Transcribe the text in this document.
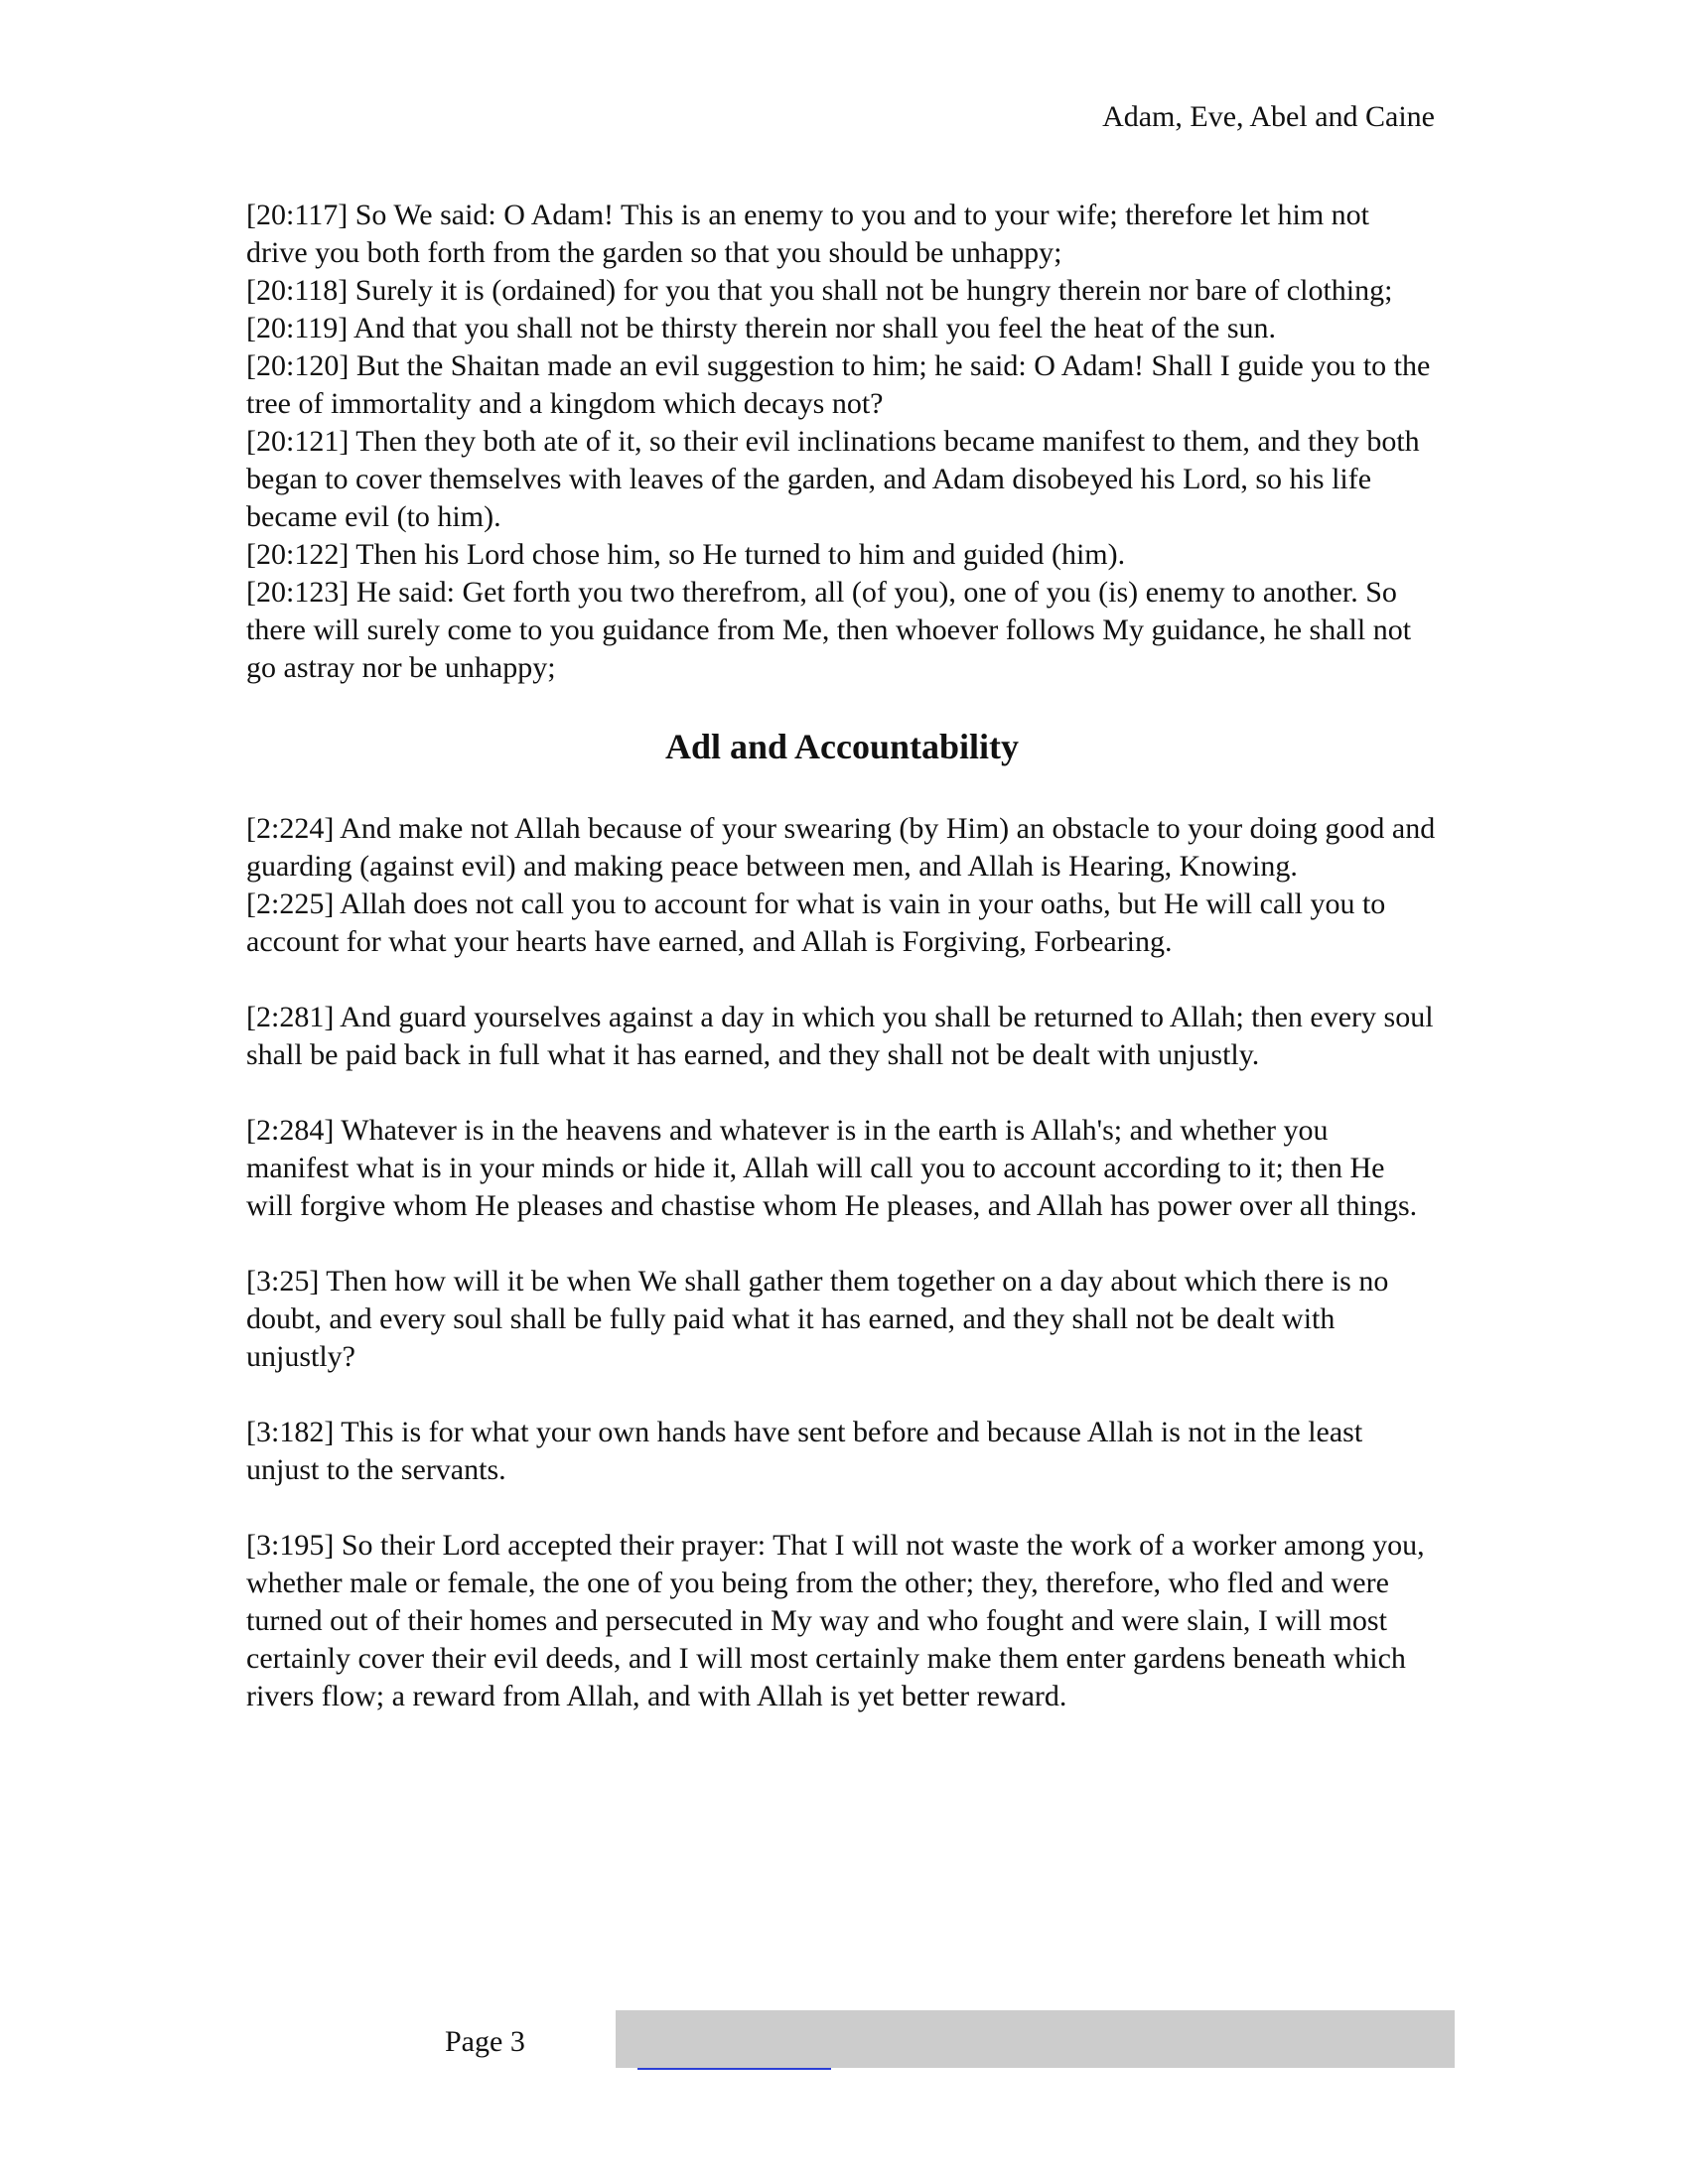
Adam, Eve, Abel and Caine

[20:117] So We said: O Adam! This is an enemy to you and to your wife; therefore let him not drive you both forth from the garden so that you should be unhappy;

[20:118] Surely it is (ordained) for you that you shall not be hungry therein nor bare of clothing;

[20:119] And that you shall not be thirsty therein nor shall you feel the heat of the sun.

[20:120] But the Shaitan made an evil suggestion to him; he said: O Adam! Shall I guide you to the tree of immortality and a kingdom which decays not?

[20:121] Then they both ate of it, so their evil inclinations became manifest to them, and they both began to cover themselves with leaves of the garden, and Adam disobeyed his Lord, so his life became evil (to him).

[20:122] Then his Lord chose him, so He turned to him and guided (him).

[20:123] He said: Get forth you two therefrom, all (of you), one of you (is) enemy to another. So there will surely come to you guidance from Me, then whoever follows My guidance, he shall not go astray nor be unhappy;

Adl and Accountability

[2:224] And make not Allah because of your swearing (by Him) an obstacle to your doing good and guarding (against evil) and making peace between men, and Allah is Hearing, Knowing.

[2:225] Allah does not call you to account for what is vain in your oaths, but He will call you to account for what your hearts have earned, and Allah is Forgiving, Forbearing.

[2:281] And guard yourselves against a day in which you shall be returned to Allah; then every soul shall be paid back in full what it has earned, and they shall not be dealt with unjustly.

[2:284] Whatever is in the heavens and whatever is in the earth is Allah's; and whether you manifest what is in your minds or hide it, Allah will call you to account according to it; then He will forgive whom He pleases and chastise whom He pleases, and Allah has power over all things.

[3:25] Then how will it be when We shall gather them together on a day about which there is no doubt, and every soul shall be fully paid what it has earned, and they shall not be dealt with unjustly?

[3:182] This is for what your own hands have sent before and because Allah is not in the least unjust to the servants.

[3:195] So their Lord accepted their prayer: That I will not waste the work of a worker among you, whether male or female, the one of you being from the other; they, therefore, who fled and were turned out of their homes and persecuted in My way and who fought and were slain, I will most certainly cover their evil deeds, and I will most certainly make them enter gardens beneath which rivers flow; a reward from Allah, and with Allah is yet better reward.

Page 3
